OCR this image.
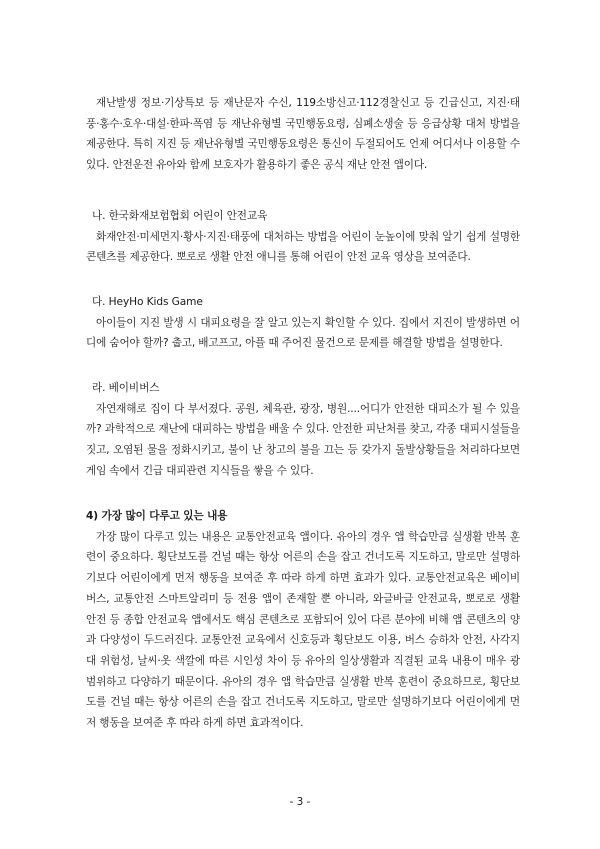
재난발생 정보·기상특보 등 재난문자 수신, 119소방신고·112경찰신고 등 긴급신고, 지진·태풍·홍수·호우·대설·한파·폭염 등 재난유형별 국민행동요령, 심폐소생술 등 응급상황 대처 방법을 제공한다. 특히 지진 등 재난유형별 국민행동요령은 통신이 두절되어도 언제 어디서나 이용할 수 있다. 안전운전 유아와 함께 보호자가 활용하기 좋은 공식 재난 안전 앱이다.

나. 한국화재보험협회 어린이 안전교육

화재안전·미세먼지·황사·지진·태풍에 대처하는 방법을 어린이 눈높이에 맞춰 알기 쉽게 설명한 콘텐츠를 제공한다. 뽀로로 생활 안전 애니를 통해 어린이 안전 교육 영상을 보여준다.

다. HeyHo Kids Game

아이들이 지진 발생 시 대피요령을 잘 알고 있는지 확인할 수 있다. 집에서 지진이 발생하면 어디에 숨어야 할까? 춥고, 배고프고, 아플 때 주어진 물건으로 문제를 해결할 방법을 설명한다.

라. 베이비버스

자연재해로 집이 다 부서졌다. 공원, 체육관, 광장, 병원....어디가 안전한 대피소가 될 수 있을까? 과학적으로 재난에 대피하는 방법을 배울 수 있다. 안전한 피난처를 찾고, 각종 대피시설들을 짓고, 오염된 물을 정화시키고, 불이 난 창고의 불을 끄는 등 갖가지 돌발상황들을 처리하다보면 게임 속에서 긴급 대피관련 지식들을 쌓을 수 있다.

4) 가장 많이 다루고 있는 내용

가장 많이 다루고 있는 내용은 교통안전교육 앱이다. 유아의 경우 앱 학습만큼 실생활 반복 훈련이 중요하다. 횡단보도를 건널 때는 항상 어른의 손을 잡고 건너도록 지도하고, 말로만 설명하기보다 어린이에게 먼저 행동을 보여준 후 따라 하게 하면 효과가 있다. 교통안전교육은 베이비버스, 교통안전 스마트알리미 등 전용 앱이 존재할 뿐 아니라, 와글바글 안전교육, 뽀로로 생활 안전 등 종합 안전교육 앱에서도 핵심 콘텐츠로 포함되어 있어 다른 분야에 비해 앱 콘텐츠의 양과 다양성이 두드러진다. 교통안전 교육에서 신호등과 횡단보도 이용, 버스 승하차 안전, 사각지대 위험성, 날씨·옷 색깔에 따른 시인성 차이 등 유아의 일상생활과 직결된 교육 내용이 매우 광범위하고 다양하기 때문이다. 유아의 경우 앱 학습만큼 실생활 반복 훈련이 중요하므로, 횡단보도를 건널 때는 항상 어른의 손을 잡고 건너도록 지도하고, 말로만 설명하기보다 어린이에게 먼저 행동을 보여준 후 따라 하게 하면 효과적이다.

- 3 -
